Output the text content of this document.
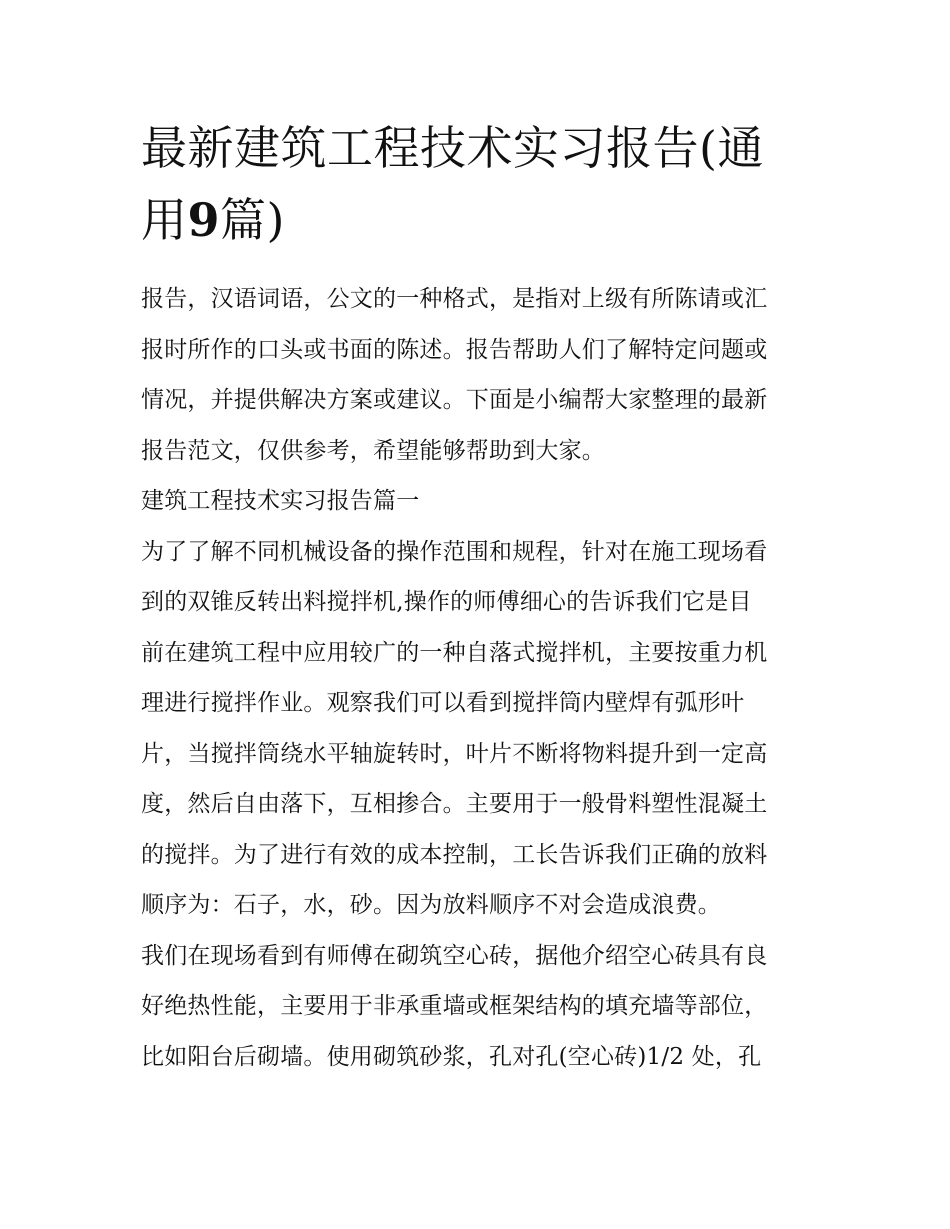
最新建筑工程技术实习报告(通
用9篇)
报告，汉语词语，公文的一种格式，是指对上级有所陈请或汇
报时所作的口头或书面的陈述。报告帮助人们了解特定问题或
情况，并提供解决方案或建议。下面是小编帮大家整理的最新
报告范文，仅供参考，希望能够帮助到大家。
建筑工程技术实习报告篇一
为了了解不同机械设备的操作范围和规程，针对在施工现场看
到的双锥反转出料搅拌机,操作的师傅细心的告诉我们它是目
前在建筑工程中应用较广的一种自落式搅拌机，主要按重力机
理进行搅拌作业。观察我们可以看到搅拌筒内壁焊有弧形叶
片，当搅拌筒绕水平轴旋转时，叶片不断将物料提升到一定高
度，然后自由落下，互相掺合。主要用于一般骨料塑性混凝土
的搅拌。为了进行有效的成本控制，工长告诉我们正确的放料
顺序为：石子，水，砂。因为放料顺序不对会造成浪费。
我们在现场看到有师傅在砌筑空心砖，据他介绍空心砖具有良
好绝热性能，主要用于非承重墙或框架结构的填充墙等部位，
比如阳台后砌墙。使用砌筑砂浆，孔对孔(空心砖)1/2 处，孔
